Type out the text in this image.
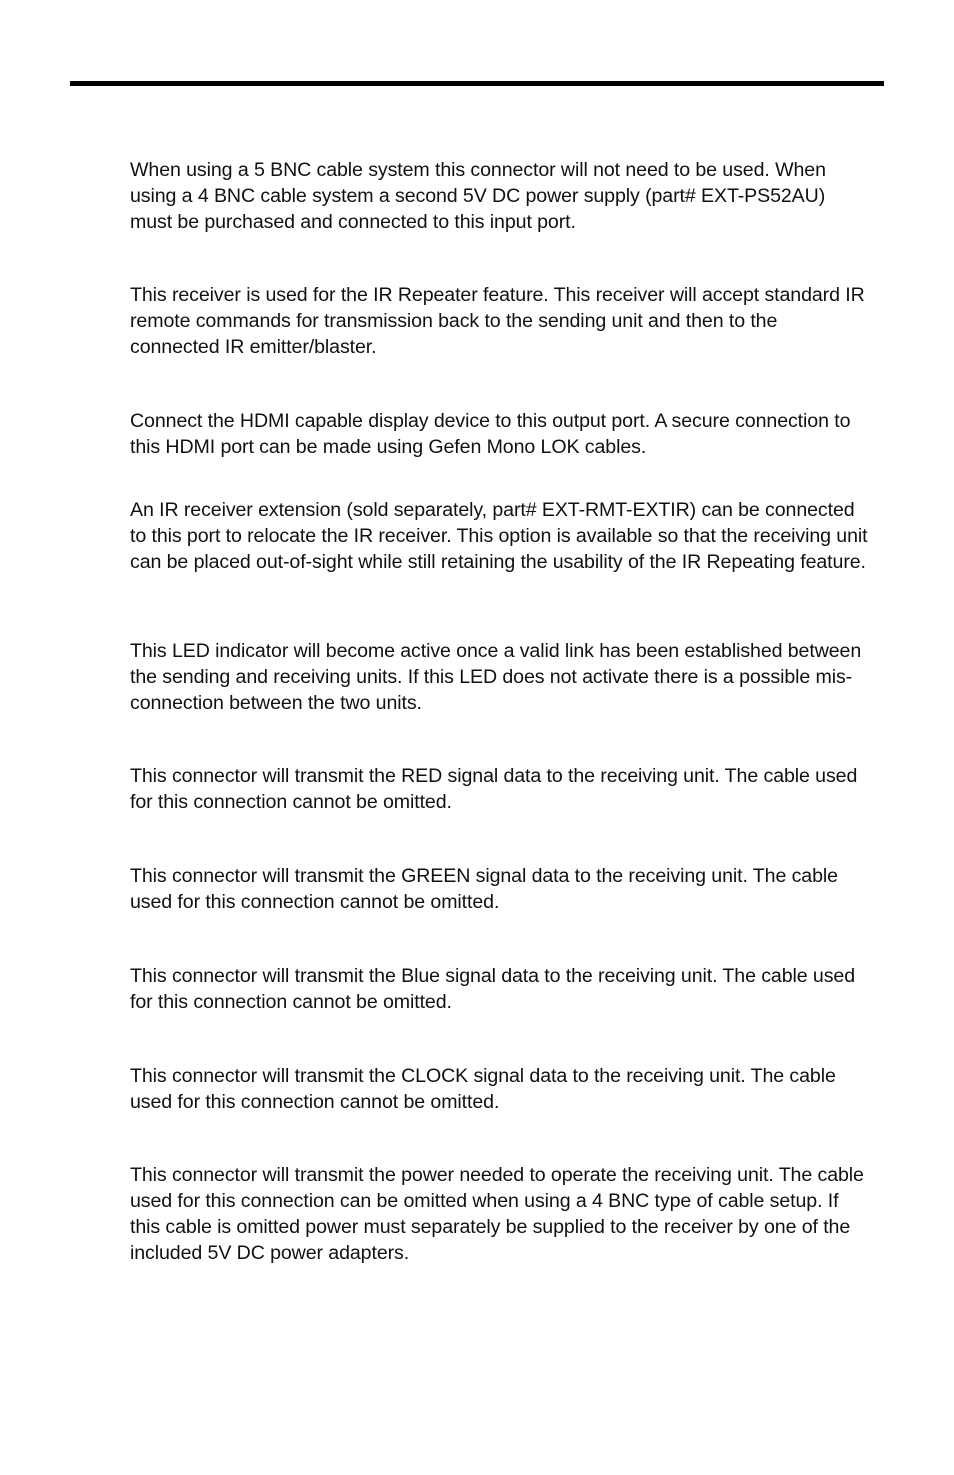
When using a 5 BNC cable system this connector will not need to be used. When using a 4 BNC cable system a second 5V DC power supply (part# EXT-PS52AU) must be purchased and connected to this input port.

This receiver is used for the IR Repeater feature. This receiver will accept standard IR remote commands for transmission back to the sending unit and then to the connected IR emitter/blaster.

Connect the HDMI capable display device to this output port. A secure connection to this HDMI port can be made using Gefen Mono LOK cables.

An IR receiver extension (sold separately, part# EXT-RMT-EXTIR) can be connected to this port to relocate the IR receiver. This option is available so that the receiving unit can be placed out-of-sight while still retaining the usability of the IR Repeating feature.

This LED indicator will become active once a valid link has been established between the sending and receiving units. If this LED does not activate there is a possible mis-connection between the two units.

This connector will transmit the RED signal data to the receiving unit. The cable used for this connection cannot be omitted.

This connector will transmit the GREEN signal data to the receiving unit. The cable used for this connection cannot be omitted.

This connector will transmit the Blue signal data to the receiving unit. The cable used for this connection cannot be omitted.

This connector will transmit the CLOCK signal data to the receiving unit. The cable used for this connection cannot be omitted.

This connector will transmit the power needed to operate the receiving unit. The cable used for this connection can be omitted when using a 4 BNC type of cable setup. If this cable is omitted power must separately be supplied to the receiver by one of the included 5V DC power adapters.
